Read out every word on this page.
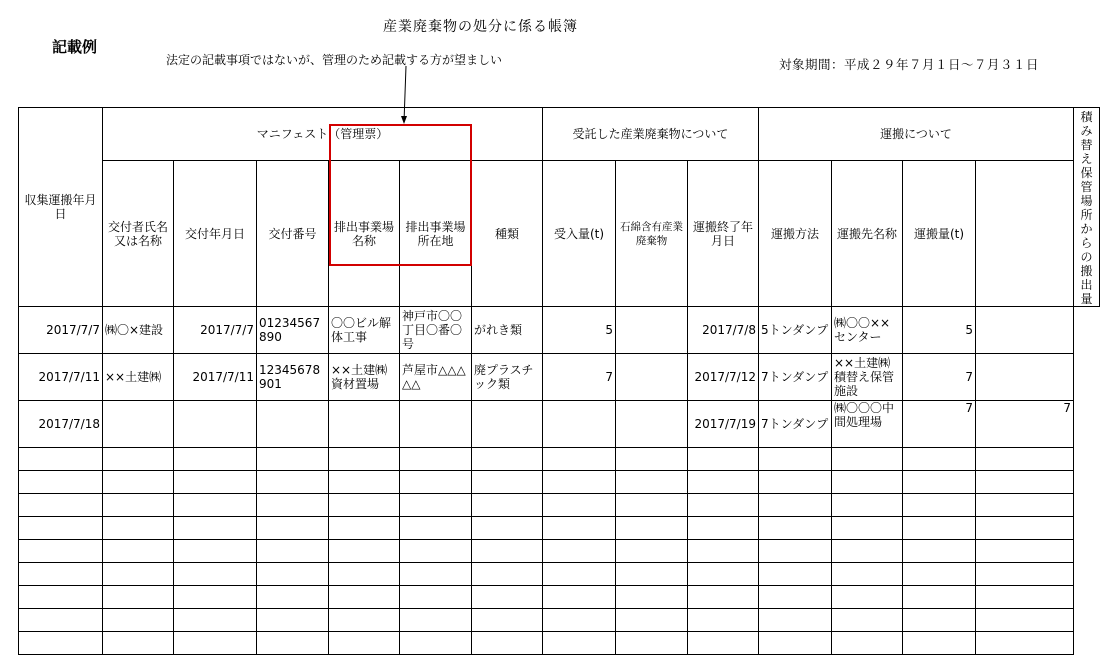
記載例
産業廃棄物の処分に係る帳簿
法定の記載事項ではないが、管理のため記載する方が望ましい	対象期間：平成２９年７月１日～７月３１日
収集運搬年月日	マニフェスト（管理票）						受託した産業廃棄物について			運搬について				積み替え保管場所からの搬出量
	交付者氏名又は名称	交付年月日	交付番号	排出事業場名称	排出事業場所在地	種類	受入量(t)	石綿含有産業廃棄物	運搬終了年月日	運搬方法	運搬先名称	運搬量(t)		
2017/7/7	㈱〇×建設	2017/7/7	01234567890	〇〇ビル解体工事	神戸市〇〇丁目〇番〇号	がれき類	5		2017/7/8	5トンダンプ	㈱〇〇××センター	5		
2017/7/11	××土建㈱	2017/7/11	12345678901	××土建㈱資材置場	芦屋市△△△△△	廃プラスチック類	7		2017/7/12	7トンダンプ	××土建㈱積替え保管施設	7		
2017/7/18									2017/7/19	7トンダンプ	㈱〇〇〇中間処理場	7	7	
